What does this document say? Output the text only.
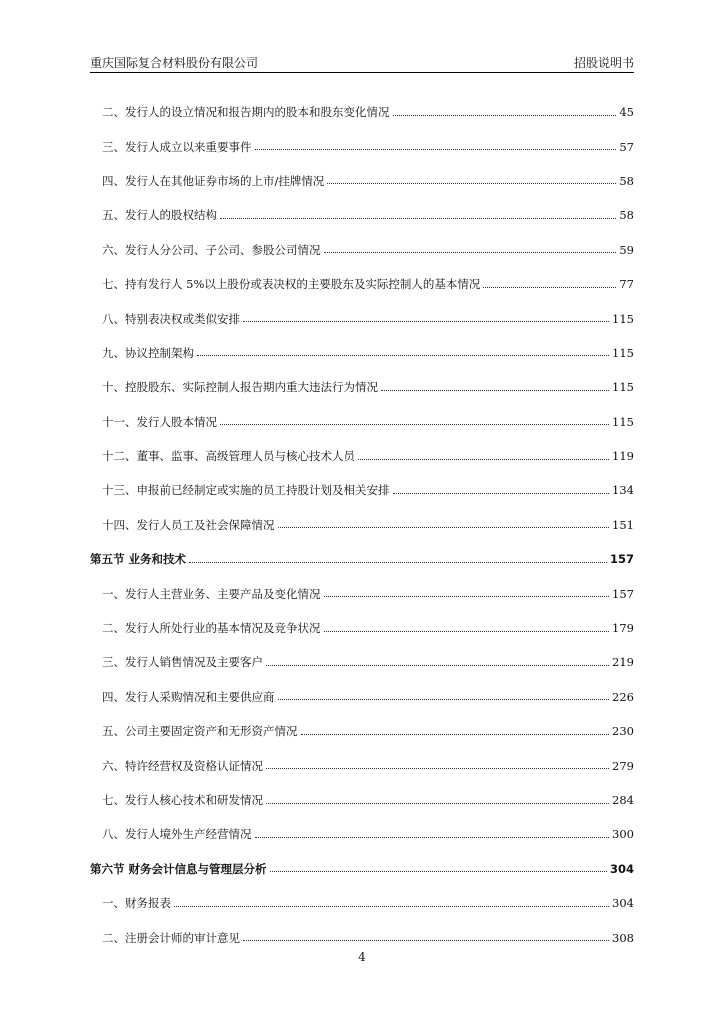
重庆国际复合材料股份有限公司	招股说明书
二、发行人的设立情况和报告期内的股本和股东变化情况	45
三、发行人成立以来重要事件	57
四、发行人在其他证券市场的上市/挂牌情况	58
五、发行人的股权结构	58
六、发行人分公司、子公司、参股公司情况	59
七、持有发行人 5%以上股份或表决权的主要股东及实际控制人的基本情况	77
八、特别表决权或类似安排	115
九、协议控制架构	115
十、控股股东、实际控制人报告期内重大违法行为情况	115
十一、发行人股本情况	115
十二、董事、监事、高级管理人员与核心技术人员	119
十三、申报前已经制定或实施的员工持股计划及相关安排	134
十四、发行人员工及社会保障情况	151
第五节 业务和技术	157
一、发行人主营业务、主要产品及变化情况	157
二、发行人所处行业的基本情况及竞争状况	179
三、发行人销售情况及主要客户	219
四、发行人采购情况和主要供应商	226
五、公司主要固定资产和无形资产情况	230
六、特许经营权及资格认证情况	279
七、发行人核心技术和研发情况	284
八、发行人境外生产经营情况	300
第六节 财务会计信息与管理层分析	304
一、财务报表	304
二、注册会计师的审计意见	308
4
